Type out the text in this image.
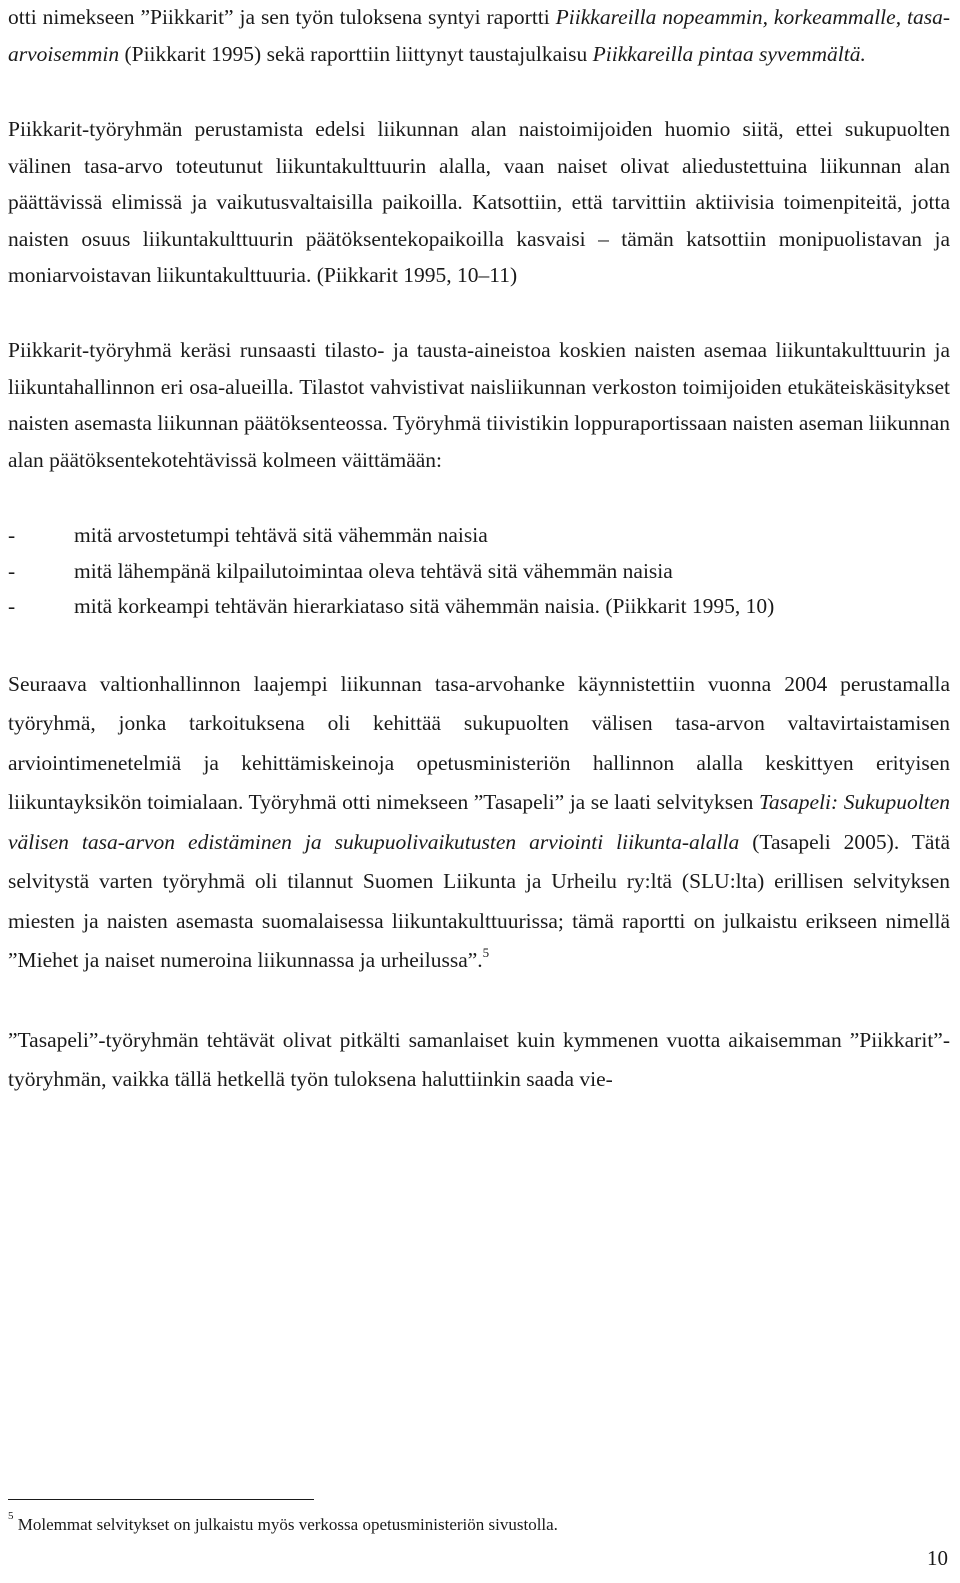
otti nimekseen ”Piikkarit” ja sen työn tuloksena syntyi raportti Piikkareilla nopeammin, korkeammalle, tasa-arvoisemmin (Piikkarit 1995) sekä raporttiin liittynyt taustajulkaisu Piikkareilla pintaa syvemmältä.

Piikkarit-työryhmän perustamista edelsi liikunnan alan naistoimijoiden huomio siitä, ettei sukupuolten välinen tasa-arvo toteutunut liikuntakulttuurin alalla, vaan naiset olivat aliedustettuina liikunnan alan päättävissä elimissä ja vaikutusvaltaisilla paikoilla. Katsottiin, että tarvittiin aktiivisia toimenpiteitä, jotta naisten osuus liikuntakulttuurin päätöksentekopaikoilla kasvaisi – tämän katsottiin monipuolistavan ja moniarvoistavan liikuntakulttuuria. (Piikkarit 1995, 10–11)

Piikkarit-työryhmä keräsi runsaasti tilasto- ja tausta-aineistoa koskien naisten asemaa liikuntakulttuurin ja liikuntahallinnon eri osa-alueilla. Tilastot vahvistivat naisliikunnan verkoston toimijoiden etukäteiskäsitykset naisten asemasta liikunnan päätöksenteossa. Työryhmä tiivistikin loppuraportissaan naisten aseman liikunnan alan päätöksentekotehtävissä kolmeen väittämään:

-	mitä arvostetumpi tehtävä sitä vähemmän naisia
-	mitä lähempänä kilpailutoimintaa oleva tehtävä sitä vähemmän naisia
-	mitä korkeampi tehtävän hierarkiataso sitä vähemmän naisia. (Piikkarit 1995, 10)

Seuraava valtionhallinnon laajempi liikunnan tasa-arvohanke käynnistettiin vuonna 2004 perustamalla työryhmä, jonka tarkoituksena oli kehittää sukupuolten välisen tasa-arvon valtavirtaistamisen arviointimenetelmiä ja kehittämiskeinoja opetusministeriön hallinnon alalla keskittyen erityisen liikuntayksikön toimialaan. Työryhmä otti nimekseen ”Tasapeli” ja se laati selvityksen Tasapeli: Sukupuolten välisen tasa-arvon edistäminen ja sukupuolivaikutusten arviointi liikunta-alalla (Tasapeli 2005). Tätä selvitystä varten työryhmä oli tilannut Suomen Liikunta ja Urheilu ry:ltä (SLU:lta) erillisen selvityksen miesten ja naisten asemasta suomalaisessa liikuntakulttuurissa; tämä raportti on julkaistu erikseen nimellä ”Miehet ja naiset numeroina liikunnassa ja urheilussa”.$^5$

”Tasapeli”-työryhmän tehtävät olivat pitkälti samanlaiset kuin kymmenen vuotta aikaisemman ”Piikkarit”-työryhmän, vaikka tällä hetkellä työn tuloksena haluttiinkin saada vie-

$^5$ Molemmat selvitykset on julkaistu myös verkossa opetusministeriön sivustolla.
10
